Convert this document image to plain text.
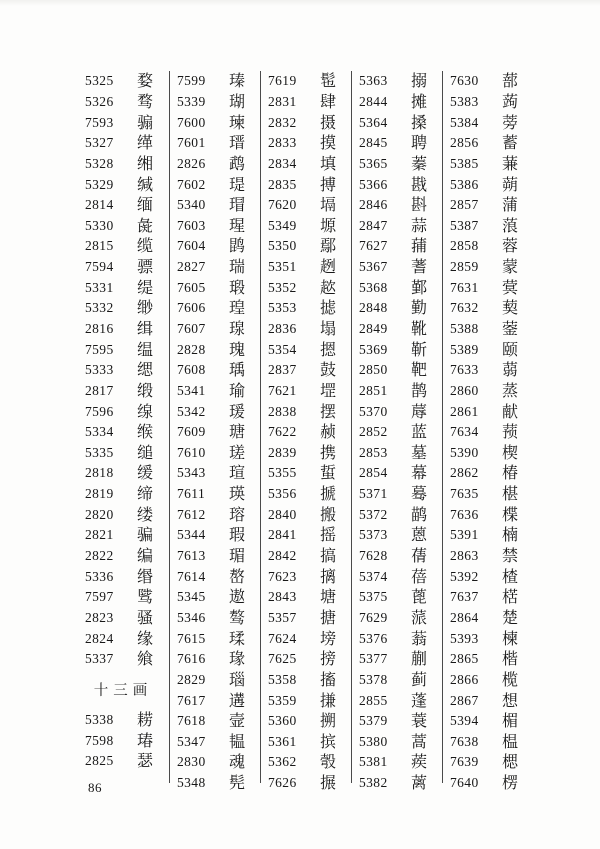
5325	婺
5326	骛
7593	骟
5327	缂
5328	缃
5329	缄
2814	缅
5330	彘
2815	缆
7594	骠
5331	缇
5332	缈
2816	缉
7595	缊
5333	缌
2817	缎
7596	缐
5334	缑
5335	缒
2818	缓
2819	缔
2820	缕
2821	骗
2822	编
5336	缗
7597	骘
2823	骚
2824	缘
5337	飨
十三画
5338	耢
7598	瑃
2825	瑟
7599	瑧
5339	瑚
7600	瑓
7601	瑨
2826	鹉
7602	瑅
5340	瑁
7603	瑆
7604	鹍
2827	瑞
7605	瑖
7606	瑝
7607	瑔
2828	瑰
7608	瑀
5341	瑜
5342	瑗
7609	瑭
7610	瑳
5343	瑄
7611	瑛
7612	瑢
5344	瑕
7613	瑂
7614	嶅
5345	遨
5346	骜
7615	瑈
7616	瑑
2829	瑙
7617	遘
7618	壸
5347	韫
2830	魂
5348	髡
7619	髢
2831	肆
2832	摄
2833	摸
2834	填
2835	搏
7620	塥
5349	塬
5350	鄢
5351	趔
5352	趑
5353	摅
2836	塌
5354	摁
2837	鼓
7621	堽
2838	摆
7622	赪
2839	携
5355	蜇
5356	搋
2840	搬
2841	摇
2842	搞
7623	摛
2843	塘
5357	搪
7624	塝
7625	搒
5358	搐
5359	搛
5360	搠
5361	摈
5362	彀
7626	搌
5363	搦
2844	摊
5364	搡
2845	聘
5365	蓁
5366	戡
2846	斟
2847	蒜
7627	蒱
5367	蓍
5368	鄞
2848	勤
2849	靴
5369	靳
2850	靶
2851	鹊
5370	蓐
2852	蓝
2853	墓
2854	幕
5371	蓦
5372	鹋
5373	蒽
7628	蒨
5374	蓓
5375	蓖
7629	蒎
5376	蓊
5377	蒯
5378	蓟
2855	蓬
5379	蓑
5380	蒿
5381	蒺
5382	蓠
7630	蔀
5383	蒟
5384	蒡
2856	蓄
5385	蒹
5386	蒴
2857	蒲
5387	蒗
2858	蓉
2859	蒙
7631	蓂
7632	葜
5388	蓥
5389	颐
7633	蒻
2860	蒸
2861	献
7634	蓣
5390	楔
2862	椿
7635	椹
7636	楪
5391	楠
2863	禁
5392	楂
7637	楛
2864	楚
5393	楝
2865	楷
2866	榄
2867	想
5394	楣
7638	榅
7639	楒
7640	楞
86
